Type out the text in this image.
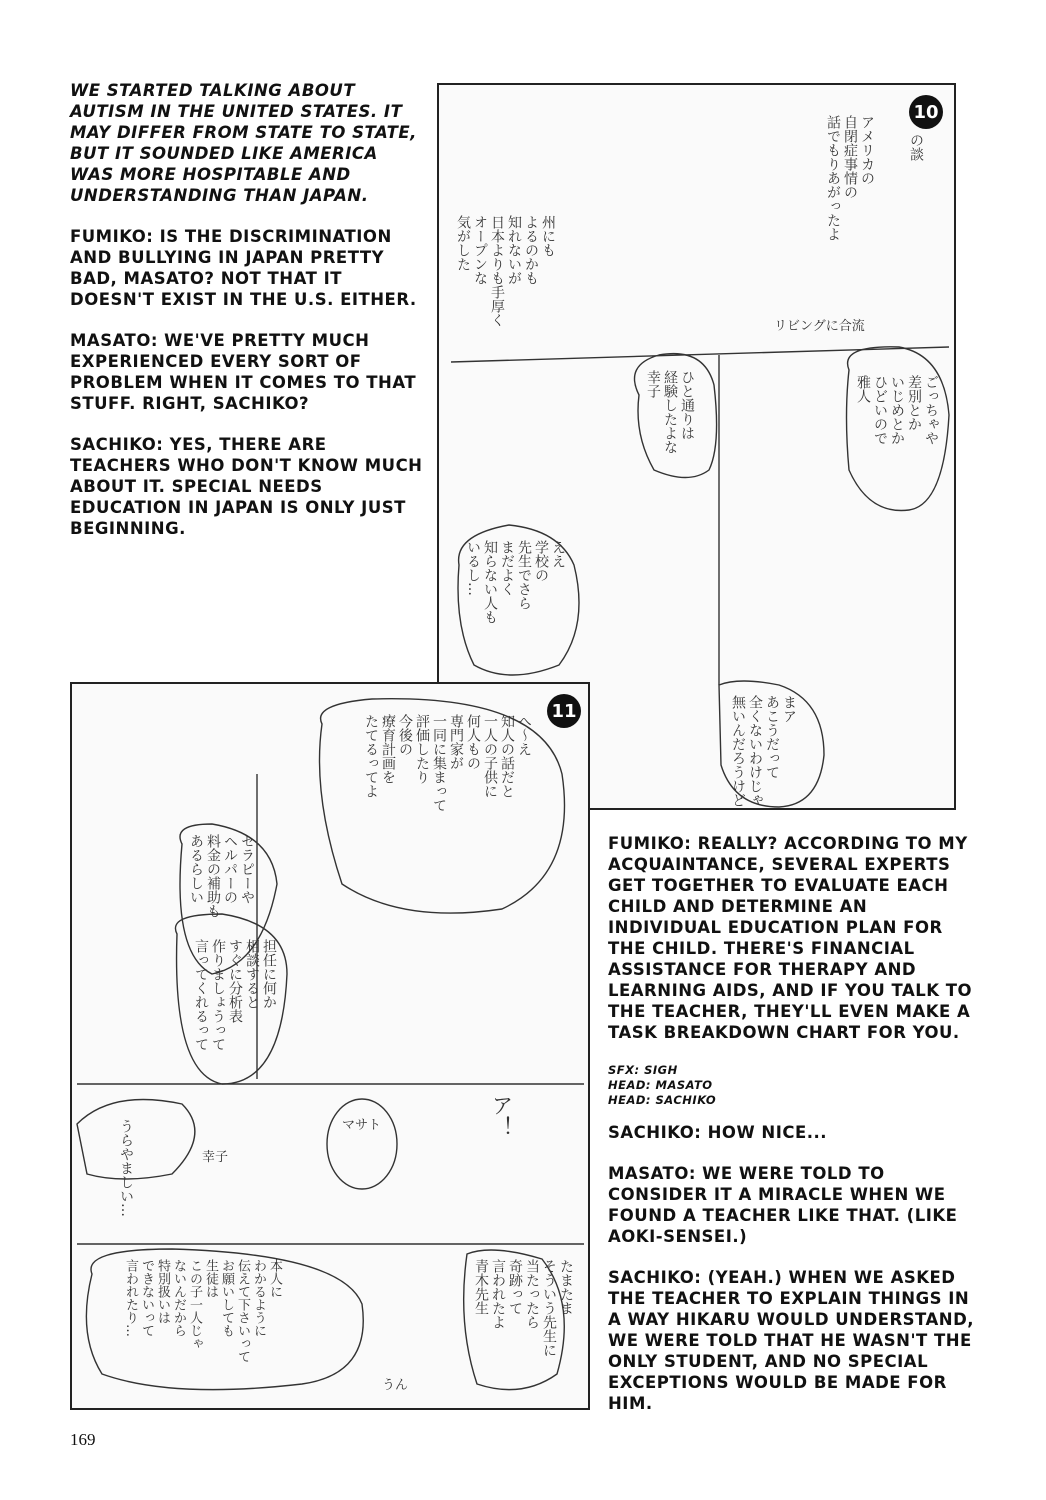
WE STARTED TALKING ABOUT AUTISM IN THE UNITED STATES. IT MAY DIFFER FROM STATE TO STATE, BUT IT SOUNDED LIKE AMERICA WAS MORE HOSPITABLE AND UNDERSTANDING THAN JAPAN.

FUMIKO: IS THE DISCRIMINATION AND BULLYING IN JAPAN PRETTY BAD, MASATO? NOT THAT IT DOESN'T EXIST IN THE U.S. EITHER.

MASATO: WE'VE PRETTY MUCH EXPERIENCED EVERY SORT OF PROBLEM WHEN IT COMES TO THAT STUFF. RIGHT, SACHIKO?

SACHIKO: YES, THERE ARE TEACHERS WHO DON'T KNOW MUCH ABOUT IT. SPECIAL NEEDS EDUCATION IN JAPAN IS ONLY JUST BEGINNING.

10
の談
アメリカの
自閉症事情の
話でもりあがったよ
州にも
よるのかも
知れないが
日本よりも手厚く
オープンな
気がした
リビングに合流
ごっちゃや
差別とか
いじめとか
ひどいので
雅人
ひと通りは
経験したよな
幸子
ええ
学校の
先生でさら
まだよく
知らない人も
いるし…
まア
あこうだって
全くないわけじゃ
無いんだろうけど
11
へ～え
知人の話だと
一人の子供に
何人もの
専門家が
一同に集まって
評価したり
今後の
療育計画を
たてるってよ
セラピーや
ヘルパーの
料金の補助も
あるらしい
担任に何か
相談すると
すぐに分析表
作りましょうって
言ってくれるって
うらやましい…	幸子
マサト	ア！
たまたま
そういう先生に
当たったら
奇跡って
言われたよ
青木先生
うん
本人に
わかるように
伝えて下さいって
お願いしても
生徒は
この子一人じゃ
ないんだから
特別扱いは
できないって
言われたり…

FUMIKO: REALLY? ACCORDING TO MY ACQUAINTANCE, SEVERAL EXPERTS GET TOGETHER TO EVALUATE EACH CHILD AND DETERMINE AN INDIVIDUAL EDUCATION PLAN FOR THE CHILD. THERE'S FINANCIAL ASSISTANCE FOR THERAPY AND LEARNING AIDS, AND IF YOU TALK TO THE TEACHER, THEY'LL EVEN MAKE A TASK BREAKDOWN CHART FOR YOU.

SFX: SIGH
HEAD: MASATO
HEAD: SACHIKO

SACHIKO: HOW NICE...

MASATO: WE WERE TOLD TO CONSIDER IT A MIRACLE WHEN WE FOUND A TEACHER LIKE THAT. (LIKE AOKI-SENSEI.)

SACHIKO: (YEAH.) WHEN WE ASKED THE TEACHER TO EXPLAIN THINGS IN A WAY HIKARU WOULD UNDERSTAND, WE WERE TOLD THAT HE WASN'T THE ONLY STUDENT, AND NO SPECIAL EXCEPTIONS WOULD BE MADE FOR HIM.

169
